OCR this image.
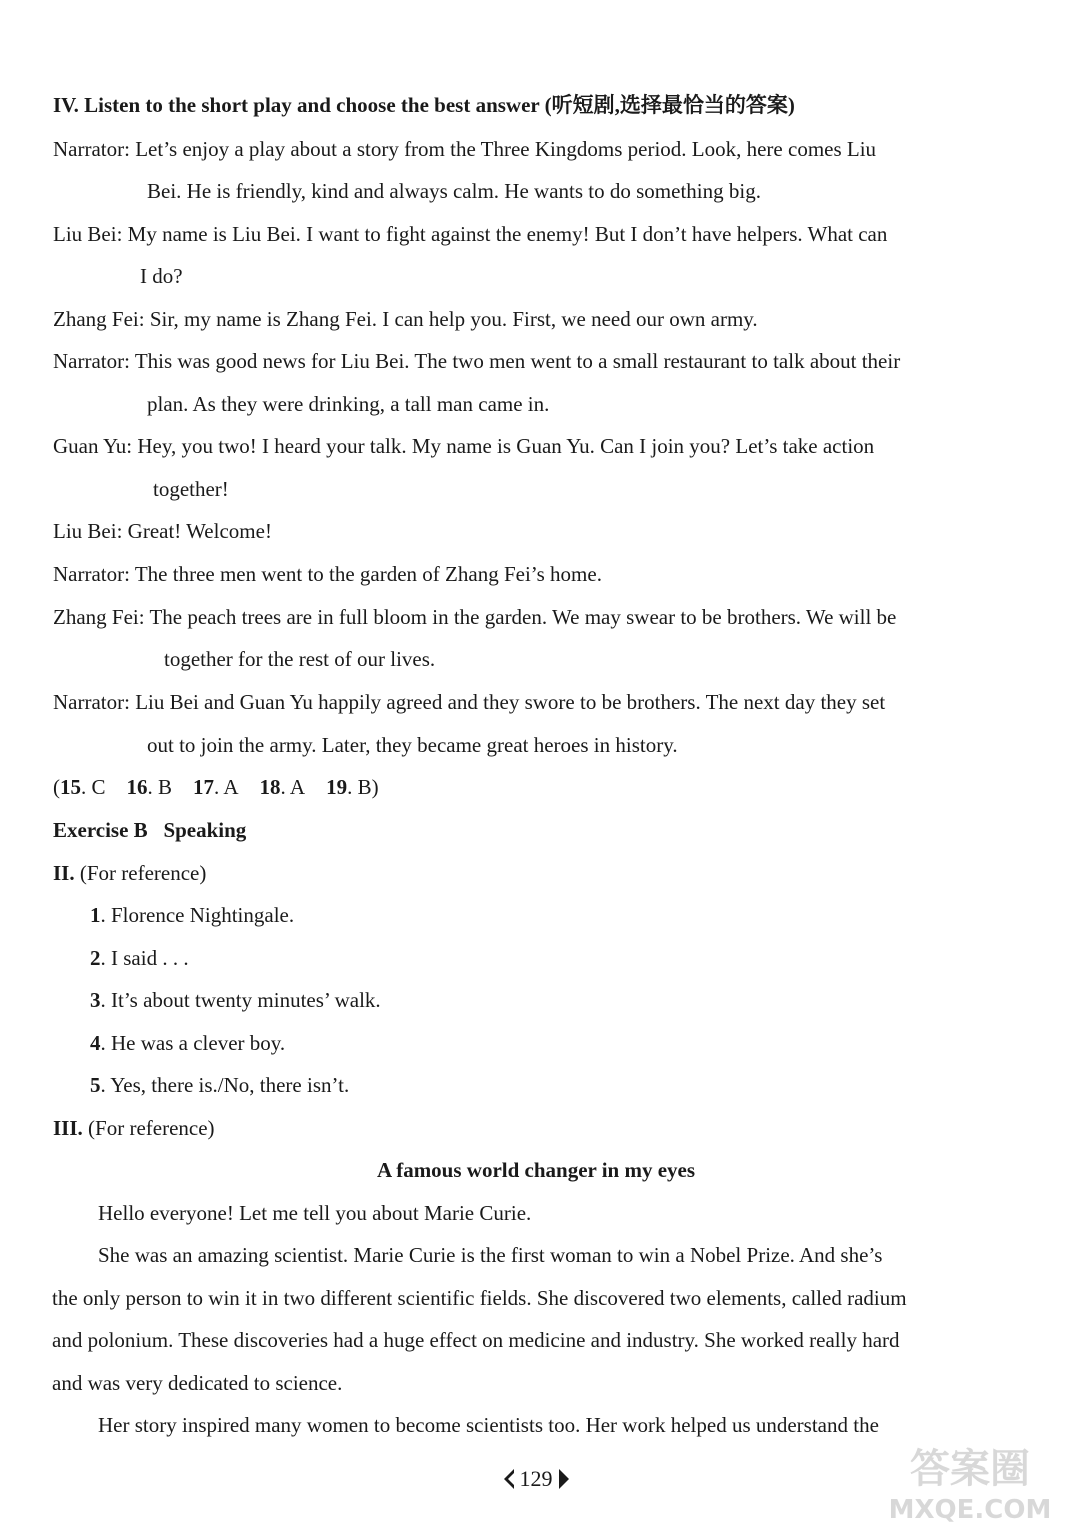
IV. Listen to the short play and choose the best answer (听短剧,选择最恰当的答案)
Narrator: Let’s enjoy a play about a story from the Three Kingdoms period. Look, here comes Liu
Bei. He is friendly, kind and always calm. He wants to do something big.
Liu Bei: My name is Liu Bei. I want to fight against the enemy! But I don’t have helpers. What can
I do?
Zhang Fei: Sir, my name is Zhang Fei. I can help you. First, we need our own army.
Narrator: This was good news for Liu Bei. The two men went to a small restaurant to talk about their
plan. As they were drinking, a tall man came in.
Guan Yu: Hey, you two! I heard your talk. My name is Guan Yu. Can I join you? Let’s take action
together!
Liu Bei: Great! Welcome!
Narrator: The three men went to the garden of Zhang Fei’s home.
Zhang Fei: The peach trees are in full bloom in the garden. We may swear to be brothers. We will be
together for the rest of our lives.
Narrator: Liu Bei and Guan Yu happily agreed and they swore to be brothers. The next day they set
out to join the army. Later, they became great heroes in history.
(15. C 16. B 17. A 18. A 19. B)
Exercise B Speaking
II. (For reference)
1. Florence Nightingale.
2. I said . . .
3. It’s about twenty minutes’ walk.
4. He was a clever boy.
5. Yes, there is./No, there isn’t.
III. (For reference)
A famous world changer in my eyes
Hello everyone! Let me tell you about Marie Curie.
She was an amazing scientist. Marie Curie is the first woman to win a Nobel Prize. And she’s
the only person to win it in two different scientific fields. She discovered two elements, called radium
and polonium. These discoveries had a huge effect on medicine and industry. She worked really hard
and was very dedicated to science.
Her story inspired many women to become scientists too. Her work helped us understand the
129	答案圈
MXQE.COM
